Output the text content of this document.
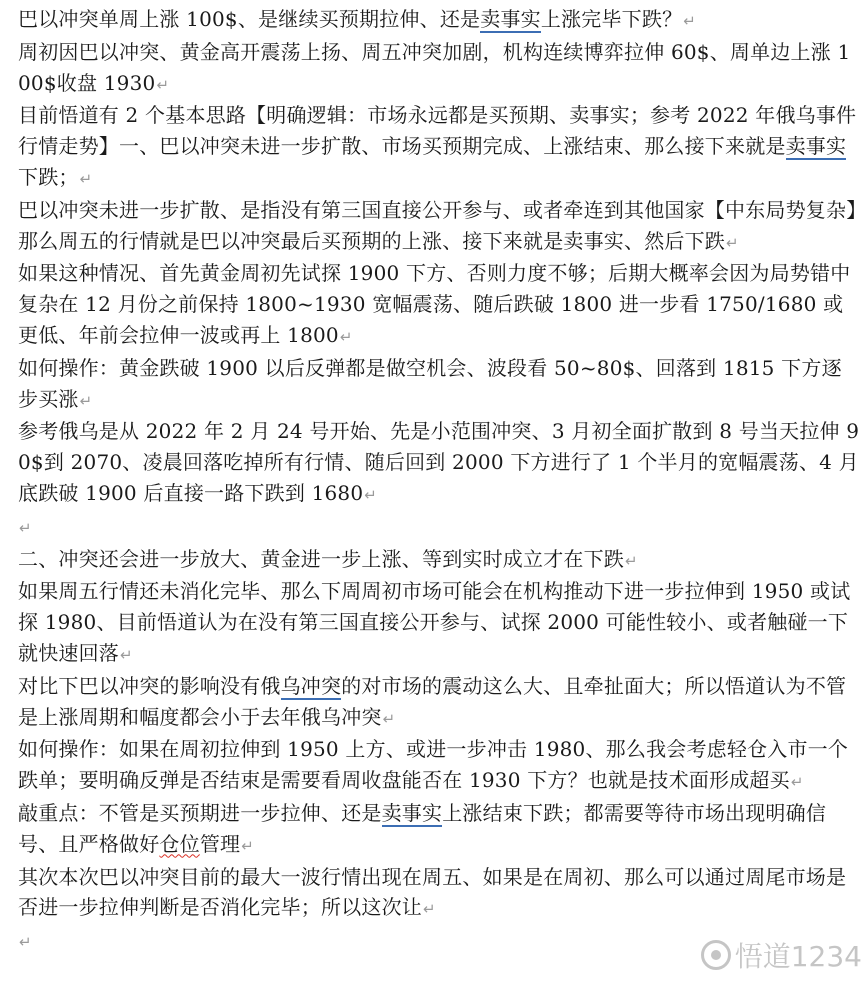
巴以冲突单周上涨 100$、是继续买预期拉伸、还是卖事实上涨完毕下跌？↵
周初因巴以冲突、黄金高开震荡上扬、周五冲突加剧，机构连续博弈拉伸 60$、周单边上涨 100$收盘 1930↵
目前悟道有 2 个基本思路【明确逻辑：市场永远都是买预期、卖事实；参考 2022 年俄乌事件行情走势】一、巴以冲突未进一步扩散、市场买预期完成、上涨结束、那么接下来就是卖事实下跌；↵
巴以冲突未进一步扩散、是指没有第三国直接公开参与、或者牵连到其他国家【中东局势复杂】那么周五的行情就是巴以冲突最后买预期的上涨、接下来就是卖事实、然后下跌↵
如果这种情况、首先黄金周初先试探 1900 下方、否则力度不够；后期大概率会因为局势错中复杂在 12 月份之前保持 1800~1930 宽幅震荡、随后跌破 1800 进一步看 1750/1680 或更低、年前会拉伸一波或再上 1800↵
如何操作：黄金跌破 1900 以后反弹都是做空机会、波段看 50~80$、回落到 1815 下方逐步买涨↵
参考俄乌是从 2022 年 2 月 24 号开始、先是小范围冲突、3 月初全面扩散到 8 号当天拉伸 90$到 2070、凌晨回落吃掉所有行情、随后回到 2000 下方进行了 1 个半月的宽幅震荡、4 月底跌破 1900 后直接一路下跌到 1680↵
↵
二、冲突还会进一步放大、黄金进一步上涨、等到实时成立才在下跌↵
如果周五行情还未消化完毕、那么下周周初市场可能会在机构推动下进一步拉伸到 1950 或试探 1980、目前悟道认为在没有第三国直接公开参与、试探 2000 可能性较小、或者触碰一下就快速回落↵
对比下巴以冲突的影响没有俄乌冲突的对市场的震动这么大、且牵扯面大；所以悟道认为不管是上涨周期和幅度都会小于去年俄乌冲突↵
如何操作：如果在周初拉伸到 1950 上方、或进一步冲击 1980、那么我会考虑轻仓入市一个跌单；要明确反弹是否结束是需要看周收盘能否在 1930 下方？也就是技术面形成超买↵
敲重点：不管是买预期进一步拉伸、还是卖事实上涨结束下跌；都需要等待市场出现明确信号、且严格做好仓位管理↵
其次本次巴以冲突目前的最大一波行情出现在周五、如果是在周初、那么可以通过周尾市场是否进一步拉伸判断是否消化完毕；所以这次让↵
↵	悟道1234
